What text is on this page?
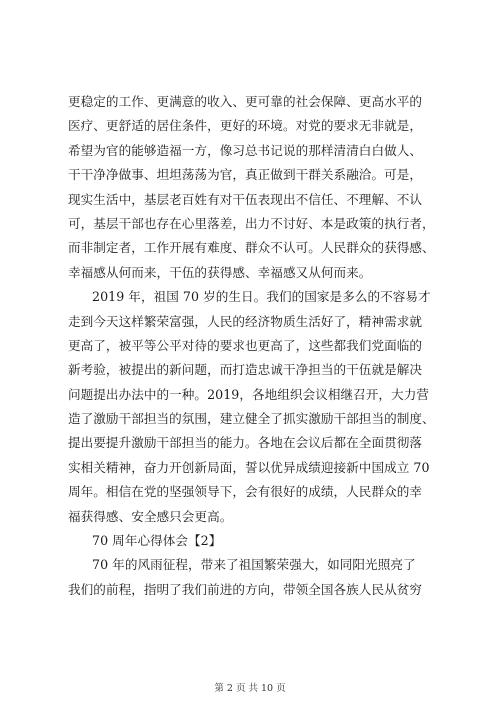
更稳定的工作、更满意的收入、更可靠的社会保障、更高水平的
医疗、更舒适的居住条件，更好的环境。对党的要求无非就是，
希望为官的能够造福一方，像习总书记说的那样清清白白做人、
干干净净做事、坦坦荡荡为官，真正做到干群关系融洽。可是，
现实生活中，基层老百姓有对干伍表现出不信任、不理解、不认
可，基层干部也存在心里落差，出力不讨好、本是政策的执行者，
而非制定者，工作开展有难度、群众不认可。人民群众的获得感、
幸福感从何而来，干伍的获得感、幸福感又从何而来。
2019 年，祖国 70 岁的生日。我们的国家是多么的不容易才
走到今天这样繁荣富强，人民的经济物质生活好了，精神需求就
更高了，被平等公平对待的要求也更高了，这些都我们党面临的
新考验，被提出的新问题，而打造忠诚干净担当的干伍就是解决
问题提出办法中的一种。2019，各地组织会议相继召开，大力营
造了激励干部担当的氛围，建立健全了抓实激励干部担当的制度、
提出要提升激励干部担当的能力。各地在会议后都在全面贯彻落
实相关精神，奋力开创新局面，誓以优异成绩迎接新中国成立 70
周年。相信在党的坚强领导下，会有很好的成绩，人民群众的幸
福获得感、安全感只会更高。
70 周年心得体会【2】
70 年的风雨征程，带来了祖国繁荣强大，如同阳光照亮了
我们的前程，指明了我们前进的方向，带领全国各族人民从贫穷
第 2 页 共 10 页
